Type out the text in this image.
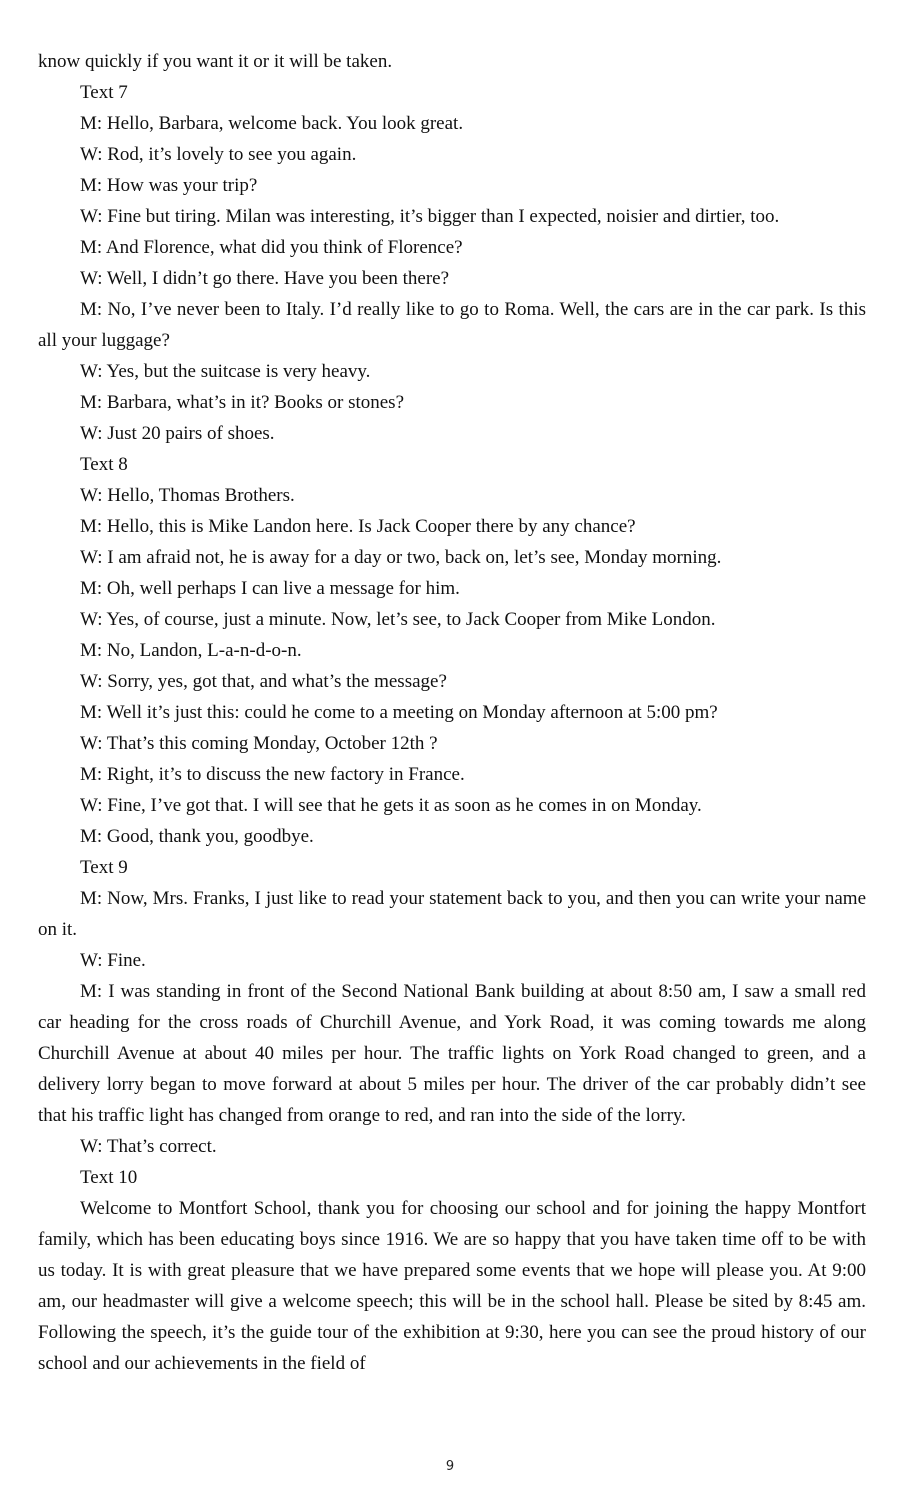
know quickly if you want it or it will be taken.

Text 7

M: Hello, Barbara, welcome back. You look great.

W: Rod, it’s lovely to see you again.

M: How was your trip?

W: Fine but tiring. Milan was interesting, it’s bigger than I expected, noisier and dirtier, too.

M: And Florence, what did you think of Florence?

W: Well, I didn’t go there. Have you been there?

M: No, I’ve never been to Italy. I’d really like to go to Roma. Well, the cars are in the car park. Is this all your luggage?

W: Yes, but the suitcase is very heavy.

M: Barbara, what’s in it? Books or stones?

W: Just 20 pairs of shoes.

Text 8

W: Hello, Thomas Brothers.

M: Hello, this is Mike Landon here. Is Jack Cooper there by any chance?

W: I am afraid not, he is away for a day or two, back on, let’s see, Monday morning.

M: Oh, well perhaps I can live a message for him.

W: Yes, of course, just a minute. Now, let’s see, to Jack Cooper from Mike London.

M: No, Landon, L-a-n-d-o-n.

W: Sorry, yes, got that, and what’s the message?

M: Well it’s just this: could he come to a meeting on Monday afternoon at 5:00 pm?

W: That’s this coming Monday, October 12th ?

M: Right, it’s to discuss the new factory in France.

W: Fine, I’ve got that. I will see that he gets it as soon as he comes in on Monday.

M: Good, thank you, goodbye.

Text 9

M: Now, Mrs. Franks, I just like to read your statement back to you, and then you can write your name on it.

W: Fine.

M: I was standing in front of the Second National Bank building at about 8:50 am, I saw a small red car heading for the cross roads of Churchill Avenue, and York Road, it was coming towards me along Churchill Avenue at about 40 miles per hour. The traffic lights on York Road changed to green, and a delivery lorry began to move forward at about 5 miles per hour. The driver of the car probably didn’t see that his traffic light has changed from orange to red, and ran into the side of the lorry.

W: That’s correct.

Text 10

Welcome to Montfort School, thank you for choosing our school and for joining the happy Montfort family, which has been educating boys since 1916. We are so happy that you have taken time off to be with us today. It is with great pleasure that we have prepared some events that we hope will please you. At 9:00 am, our headmaster will give a welcome speech; this will be in the school hall. Please be sited by 8:45 am. Following the speech, it’s the guide tour of the exhibition at 9:30, here you can see the proud history of our school and our achievements in the field of

9
